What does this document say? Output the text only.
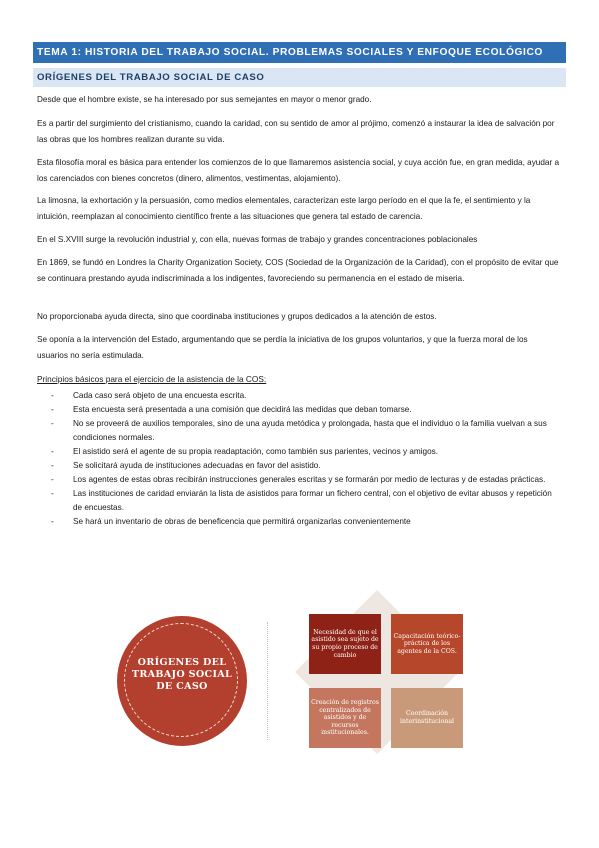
TEMA 1: HISTORIA DEL TRABAJO SOCIAL. PROBLEMAS SOCIALES Y ENFOQUE ECOLÓGICO
ORÍGENES DEL TRABAJO SOCIAL DE CASO

Desde que el hombre existe, se ha interesado por sus semejantes en mayor o menor grado.

Es a partir del surgimiento del cristianismo, cuando la caridad, con su sentido de amor al prójimo, comenzó a instaurar la idea de salvación por las obras que los hombres realizan durante su vida.

Esta filosofía moral es básica para entender los comienzos de lo que llamaremos asistencia social, y cuya acción fue, en gran medida, ayudar a los carenciados con bienes concretos (dinero, alimentos, vestimentas, alojamiento).

La limosna, la exhortación y la persuasión, como medios elementales, caracterizan este largo período en el que la fe, el sentimiento y la intuición, reemplazan al conocimiento científico frente a las situaciones que genera tal estado de carencia.

En el S.XVIII surge la revolución industrial y, con ella, nuevas formas de trabajo y grandes concentraciones poblacionales

En 1869, se fundó en Londres la Charity Organization Society, COS (Sociedad de la Organización de la Caridad), con el propósito de evitar que se continuara prestando ayuda indiscriminada a los indigentes, favoreciendo su permanencia en el estado de miseria.

No proporcionaba ayuda directa, sino que coordinaba instituciones y grupos dedicados a la atención de estos.

Se oponía a la intervención del Estado, argumentando que se perdía la iniciativa de los grupos voluntarios, y que la fuerza moral de los usuarios no sería estimulada.

Principios básicos para el ejercicio de la asistencia de la COS:
- Cada caso será objeto de una encuesta escrita.
- Esta encuesta será presentada a una comisión que decidirá las medidas que deban tomarse.
- No se proveerá de auxilios temporales, sino de una ayuda metódica y prolongada, hasta que el individuo o la familia vuelvan a sus condiciones normales.
- El asistido será el agente de su propia readaptación, como también sus parientes, vecinos y amigos.
- Se solicitará ayuda de instituciones adecuadas en favor del asistido.
- Los agentes de estas obras recibirán instrucciones generales escritas y se formarán por medio de lecturas y de estadas prácticas.
- Las instituciones de caridad enviarán la lista de asistidos para formar un fichero central, con el objetivo de evitar abusos y repetición de encuestas.
- Se hará un inventario de obras de beneficencia que permitirá organizarlas convenientemente
ORÍGENES DEL
TRABAJO SOCIAL
DE CASO
Necesidad de que el asistido sea sujeto de su propio proceso de cambio
Capacitación teórico-práctica de los agentes de la COS.
Creación de registros centralizados de asistidos y de recursos institucionales.
Coordinación interinstitucional
